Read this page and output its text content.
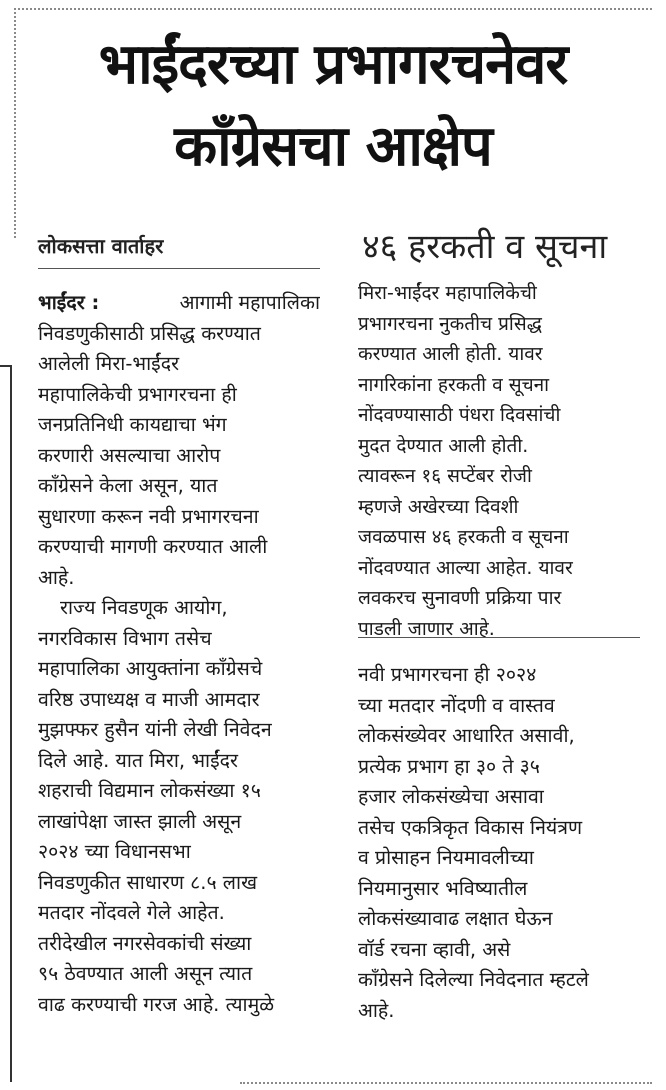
भाईंदरच्या प्रभागरचनेवर
काँग्रेसचा आक्षेप
लोकसत्ता वार्ताहर	४६ हरकती व सूचना
भाईंदर :	आगामी महापालिका
निवडणुकीसाठी प्रसिद्ध करण्यात
आलेली मिरा-भाईंदर
महापालिकेची प्रभागरचना ही
जनप्रतिनिधी कायद्याचा भंग
करणारी असल्याचा आरोप
काँग्रेसने केला असून, यात
सुधारणा करून नवी प्रभागरचना
करण्याची मागणी करण्यात आली
आहे.
राज्य निवडणूक आयोग,
नगरविकास विभाग तसेच
महापालिका आयुक्तांना काँग्रेसचे
वरिष्ठ उपाध्यक्ष व माजी आमदार
मुझफ्फर हुसैन यांनी लेखी निवेदन
दिले आहे. यात मिरा, भाईंदर
शहराची विद्यमान लोकसंख्या १५
लाखांपेक्षा जास्त झाली असून
२०२४ च्या विधानसभा
निवडणुकीत साधारण ८.५ लाख
मतदार नोंदवले गेले आहेत.
तरीदेखील नगरसेवकांची संख्या
९५ ठेवण्यात आली असून त्यात
वाढ करण्याची गरज आहे. त्यामुळे
मिरा-भाईंदर महापालिकेची
प्रभागरचना नुकतीच प्रसिद्ध
करण्यात आली होती. यावर
नागरिकांना हरकती व सूचना
नोंदवण्यासाठी पंधरा दिवसांची
मुदत देण्यात आली होती.
त्यावरून १६ सप्टेंबर रोजी
म्हणजे अखेरच्या दिवशी
जवळपास ४६ हरकती व सूचना
नोंदवण्यात आल्या आहेत. यावर
लवकरच सुनावणी प्रक्रिया पार
पाडली जाणार आहे.
नवी प्रभागरचना ही २०२४
च्या मतदार नोंदणी व वास्तव
लोकसंख्येवर आधारित असावी,
प्रत्येक प्रभाग हा ३० ते ३५
हजार लोकसंख्येचा असावा
तसेच एकत्रिकृत विकास नियंत्रण
व प्रोसाहन नियमावलीच्या
नियमानुसार भविष्यातील
लोकसंख्यावाढ लक्षात घेऊन
वॉर्ड रचना व्हावी, असे
काँग्रेसने दिलेल्या निवेदनात म्हटले
आहे.
